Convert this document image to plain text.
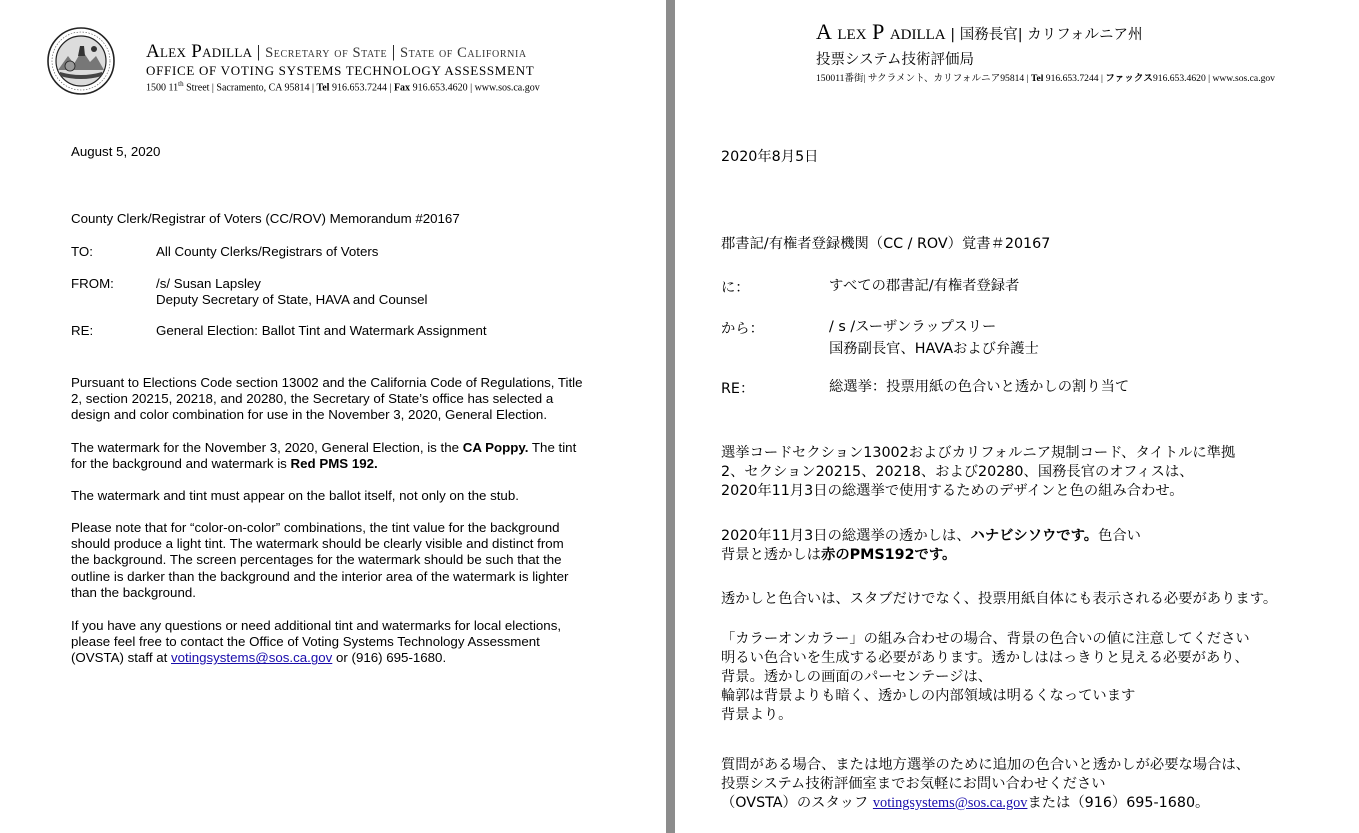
Alex Padilla | Secretary of State | State of California
OFFICE OF VOTING SYSTEMS TECHNOLOGY ASSESSMENT
1500 11th Street | Sacramento, CA 95814 | Tel 916.653.7244 | Fax 916.653.4620 | www.sos.ca.gov
August 5, 2020
County Clerk/Registrar of Voters (CC/ROV) Memorandum #20167
TO:	All County Clerks/Registrars of Voters
FROM:	/s/ Susan Lapsley
Deputy Secretary of State, HAVA and Counsel
RE:	General Election: Ballot Tint and Watermark Assignment
Pursuant to Elections Code section 13002 and the California Code of Regulations, Title
2, section 20215, 20218, and 20280, the Secretary of State’s office has selected a
design and color combination for use in the November 3, 2020, General Election.
The watermark for the November 3, 2020, General Election, is the CA Poppy. The tint
for the background and watermark is Red PMS 192.
The watermark and tint must appear on the ballot itself, not only on the stub.
Please note that for “color-on-color” combinations, the tint value for the background
should produce a light tint. The watermark should be clearly visible and distinct from
the background. The screen percentages for the watermark should be such that the
outline is darker than the background and the interior area of the watermark is lighter
than the background.
If you have any questions or need additional tint and watermarks for local elections,
please feel free to contact the Office of Voting Systems Technology Assessment
(OVSTA) staff at votingsystems@sos.ca.gov or (916) 695-1680.
A lex P adilla | 国務長官| カリフォルニア州
投票システム技術評価局
150011番街| サクラメント、カリフォルニア95814 | Tel 916.653.7244 | ファックス916.653.4620 | www.sos.ca.gov
2020年8月5日
郡書記/有権者登録機関（CC / ROV）覚書＃20167
に：	すべての郡書記/有権者登録者
から：	/ s /スーザンラップスリー
国務副長官、HAVAおよび弁護士
RE：	総選挙：投票用紙の色合いと透かしの割り当て
選挙コードセクション13002およびカリフォルニア規制コード、タイトルに準拠
2、セクション20215、20218、および20280、国務長官のオフィスは、
2020年11月3日の総選挙で使用するためのデザインと色の組み合わせ。
2020年11月3日の総選挙の透かしは、ハナビシソウです。色合い
背景と透かしは赤のPMS192です。
透かしと色合いは、スタブだけでなく、投票用紙自体にも表示される必要があります。
「カラーオンカラー」の組み合わせの場合、背景の色合いの値に注意してください
明るい色合いを生成する必要があります。透かしははっきりと見える必要があり、
背景。透かしの画面のパーセンテージは、
輪郭は背景よりも暗く、透かしの内部領域は明るくなっています
背景より。
質問がある場合、または地方選挙のために追加の色合いと透かしが必要な場合は、
投票システム技術評価室までお気軽にお問い合わせください
（OVSTA）のスタッフ votingsystems@sos.ca.govまたは（916）695-1680。
